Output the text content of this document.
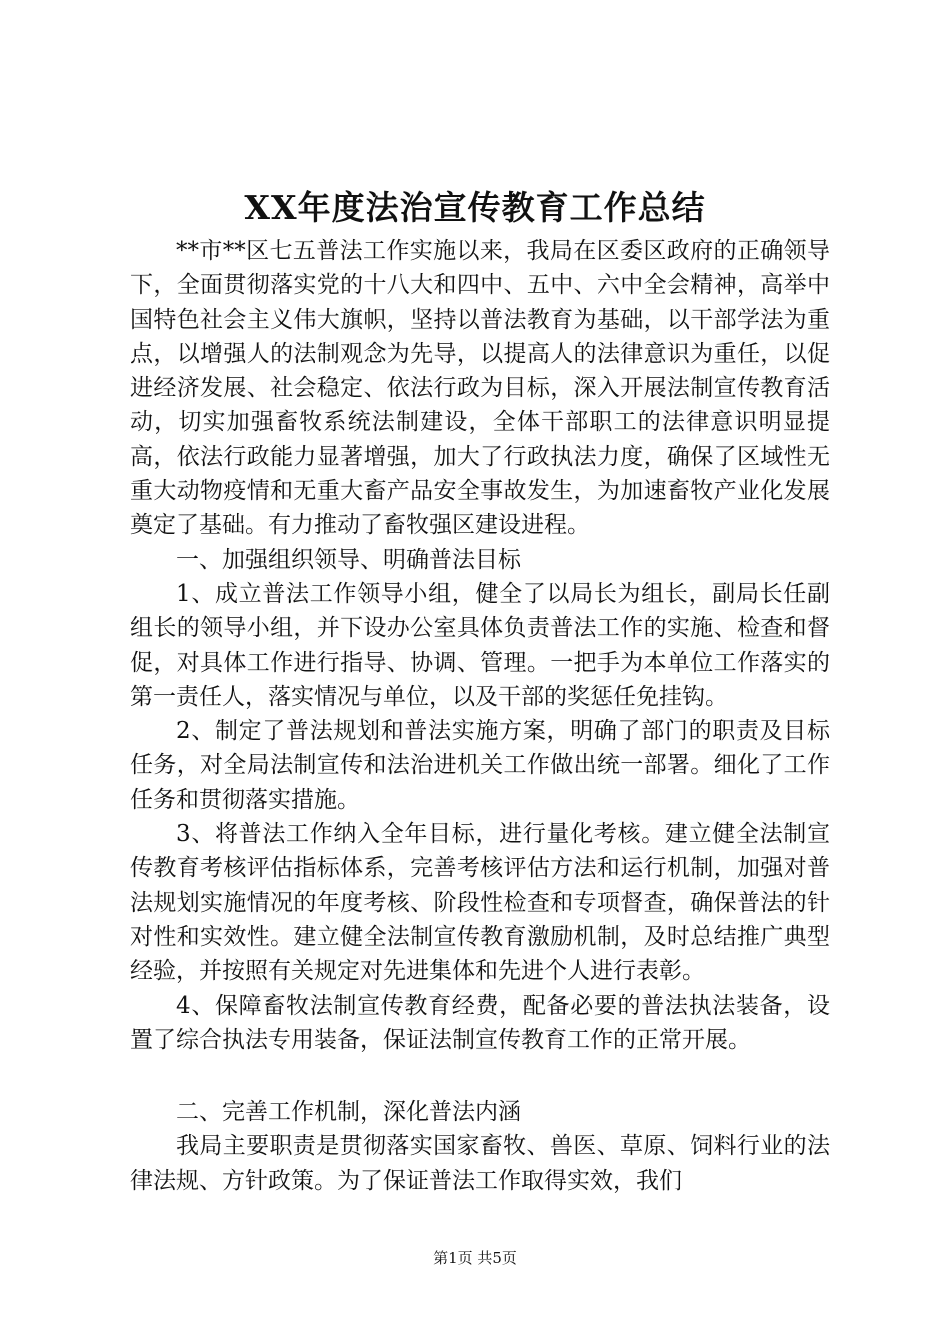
XX年度法治宣传教育工作总结

**市**区七五普法工作实施以来，我局在区委区政府的正确领导下，全面贯彻落实党的十八大和四中、五中、六中全会精神，高举中国特色社会主义伟大旗帜，坚持以普法教育为基础，以干部学法为重点，以增强人的法制观念为先导，以提高人的法律意识为重任，以促进经济发展、社会稳定、依法行政为目标，深入开展法制宣传教育活动，切实加强畜牧系统法制建设，全体干部职工的法律意识明显提高，依法行政能力显著增强，加大了行政执法力度，确保了区域性无重大动物疫情和无重大畜产品安全事故发生，为加速畜牧产业化发展奠定了基础。有力推动了畜牧强区建设进程。

一、加强组织领导、明确普法目标

1、成立普法工作领导小组，健全了以局长为组长，副局长任副组长的领导小组，并下设办公室具体负责普法工作的实施、检查和督促，对具体工作进行指导、协调、管理。一把手为本单位工作落实的第一责任人，落实情况与单位，以及干部的奖惩任免挂钩。

2、制定了普法规划和普法实施方案，明确了部门的职责及目标任务，对全局法制宣传和法治进机关工作做出统一部署。细化了工作任务和贯彻落实措施。

3、将普法工作纳入全年目标，进行量化考核。建立健全法制宣传教育考核评估指标体系，完善考核评估方法和运行机制，加强对普法规划实施情况的年度考核、阶段性检查和专项督查，确保普法的针对性和实效性。建立健全法制宣传教育激励机制，及时总结推广典型经验，并按照有关规定对先进集体和先进个人进行表彰。

4、保障畜牧法制宣传教育经费，配备必要的普法执法装备，设置了综合执法专用装备，保证法制宣传教育工作的正常开展。

二、完善工作机制，深化普法内涵

我局主要职责是贯彻落实国家畜牧、兽医、草原、饲料行业的法律法规、方针政策。为了保证普法工作取得实效，我们

第1页 共5页
